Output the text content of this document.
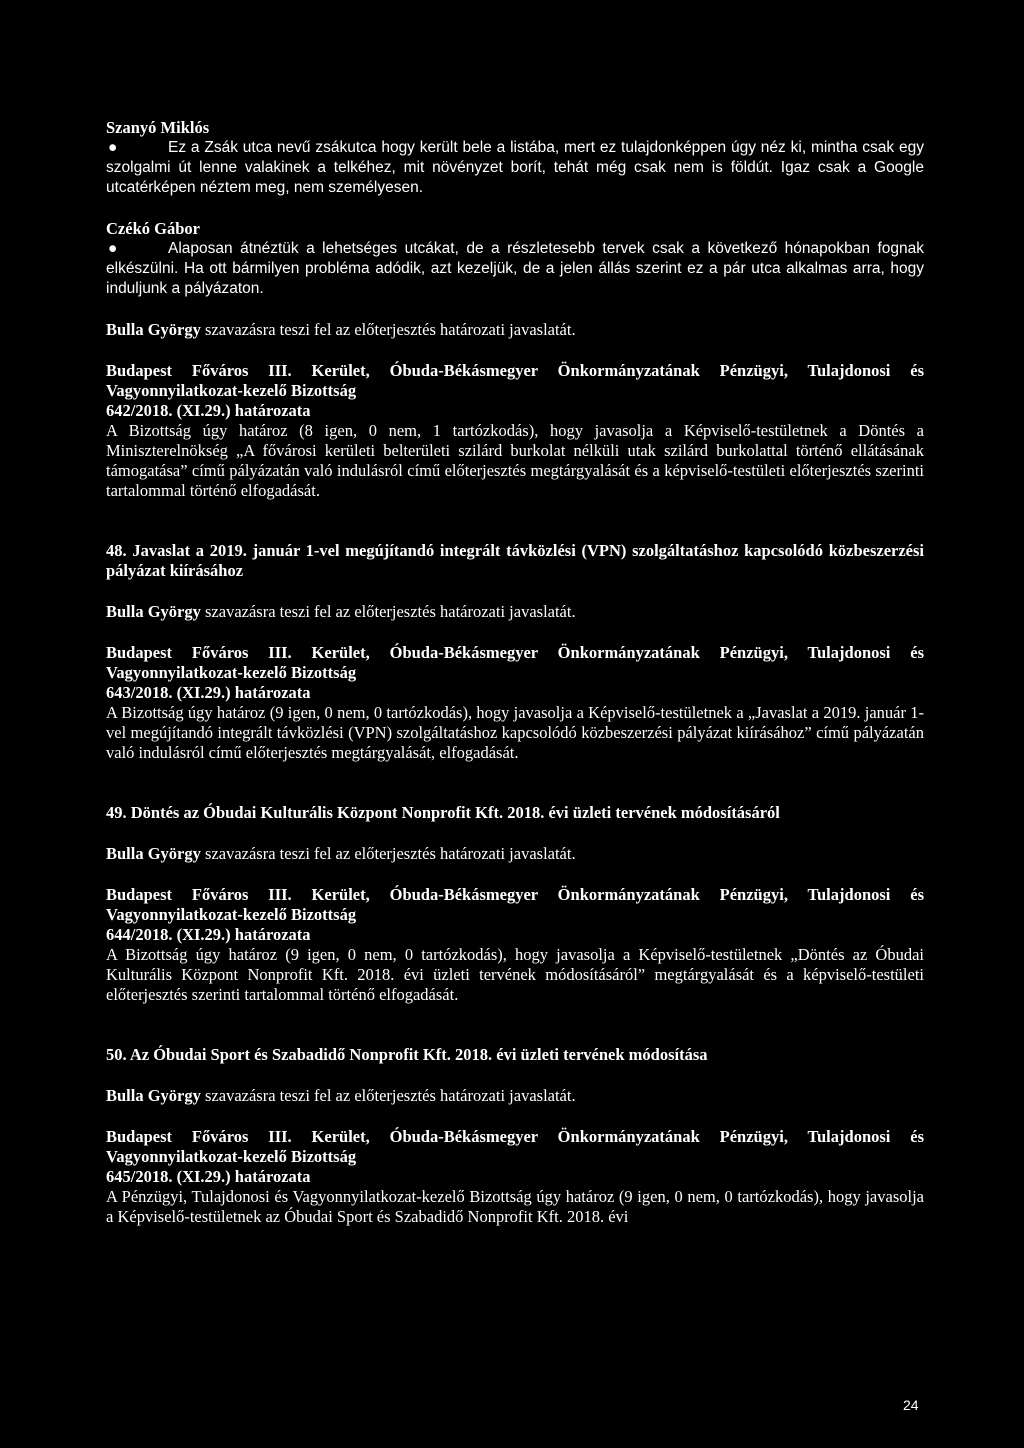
Szanyó Miklós
●	Ez a Zsák utca nevű zsákutca hogy került bele a listába, mert ez tulajdonképpen úgy néz ki, mintha csak egy szolgalmi út lenne valakinek a telkéhez, mit növényzet borít, tehát még csak nem is földút. Igaz csak a Google utcatérképen néztem meg, nem személyesen.
Czékó Gábor
●	Alaposan átnéztük a lehetséges utcákat, de a részletesebb tervek csak a következő hónapokban fognak elkészülni. Ha ott bármilyen probléma adódik, azt kezeljük, de a jelen állás szerint ez a pár utca alkalmas arra, hogy induljunk a pályázaton.
Bulla György szavazásra teszi fel az előterjesztés határozati javaslatát.
Budapest Főváros III. Kerület, Óbuda-Békásmegyer Önkormányzatának Pénzügyi, Tulajdonosi és Vagyonnyilatkozat-kezelő Bizottság
642/2018. (XI.29.) határozata
A Bizottság úgy határoz (8 igen, 0 nem, 1 tartózkodás), hogy javasolja a Képviselő-testületnek a Döntés a Miniszterelnökség „A fővárosi kerületi belterületi szilárd burkolat nélküli utak szilárd burkolattal történő ellátásának támogatása” című pályázatán való indulásról című előterjesztés megtárgyalását és a képviselő-testületi előterjesztés szerinti tartalommal történő elfogadását.
48. Javaslat a 2019. január 1-vel megújítandó integrált távközlési (VPN) szolgáltatáshoz kapcsolódó közbeszerzési pályázat kiírásához
Bulla György szavazásra teszi fel az előterjesztés határozati javaslatát.
Budapest Főváros III. Kerület, Óbuda-Békásmegyer Önkormányzatának Pénzügyi, Tulajdonosi és Vagyonnyilatkozat-kezelő Bizottság
643/2018. (XI.29.) határozata
A Bizottság úgy határoz (9 igen, 0 nem, 0 tartózkodás), hogy javasolja a Képviselő-testületnek a „Javaslat a 2019. január 1-vel megújítandó integrált távközlési (VPN) szolgáltatáshoz kapcsolódó közbeszerzési pályázat kiírásához” című pályázatán való indulásról című előterjesztés megtárgyalását, elfogadását.
49. Döntés az Óbudai Kulturális Központ Nonprofit Kft. 2018. évi üzleti tervének módosításáról
Bulla György szavazásra teszi fel az előterjesztés határozati javaslatát.
Budapest Főváros III. Kerület, Óbuda-Békásmegyer Önkormányzatának Pénzügyi, Tulajdonosi és Vagyonnyilatkozat-kezelő Bizottság
644/2018. (XI.29.) határozata
A Bizottság úgy határoz (9 igen, 0 nem, 0 tartózkodás), hogy javasolja a Képviselő-testületnek „Döntés az Óbudai Kulturális Központ Nonprofit Kft. 2018. évi üzleti tervének módosításáról” megtárgyalását és a képviselő-testületi előterjesztés szerinti tartalommal történő elfogadását.
50. Az Óbudai Sport és Szabadidő Nonprofit Kft. 2018. évi üzleti tervének módosítása
Bulla György szavazásra teszi fel az előterjesztés határozati javaslatát.
Budapest Főváros III. Kerület, Óbuda-Békásmegyer Önkormányzatának Pénzügyi, Tulajdonosi és Vagyonnyilatkozat-kezelő Bizottság
645/2018. (XI.29.) határozata
A Pénzügyi, Tulajdonosi és Vagyonnyilatkozat-kezelő Bizottság úgy határoz (9 igen, 0 nem, 0 tartózkodás), hogy javasolja a Képviselő-testületnek az Óbudai Sport és Szabadidő Nonprofit Kft. 2018. évi
24
